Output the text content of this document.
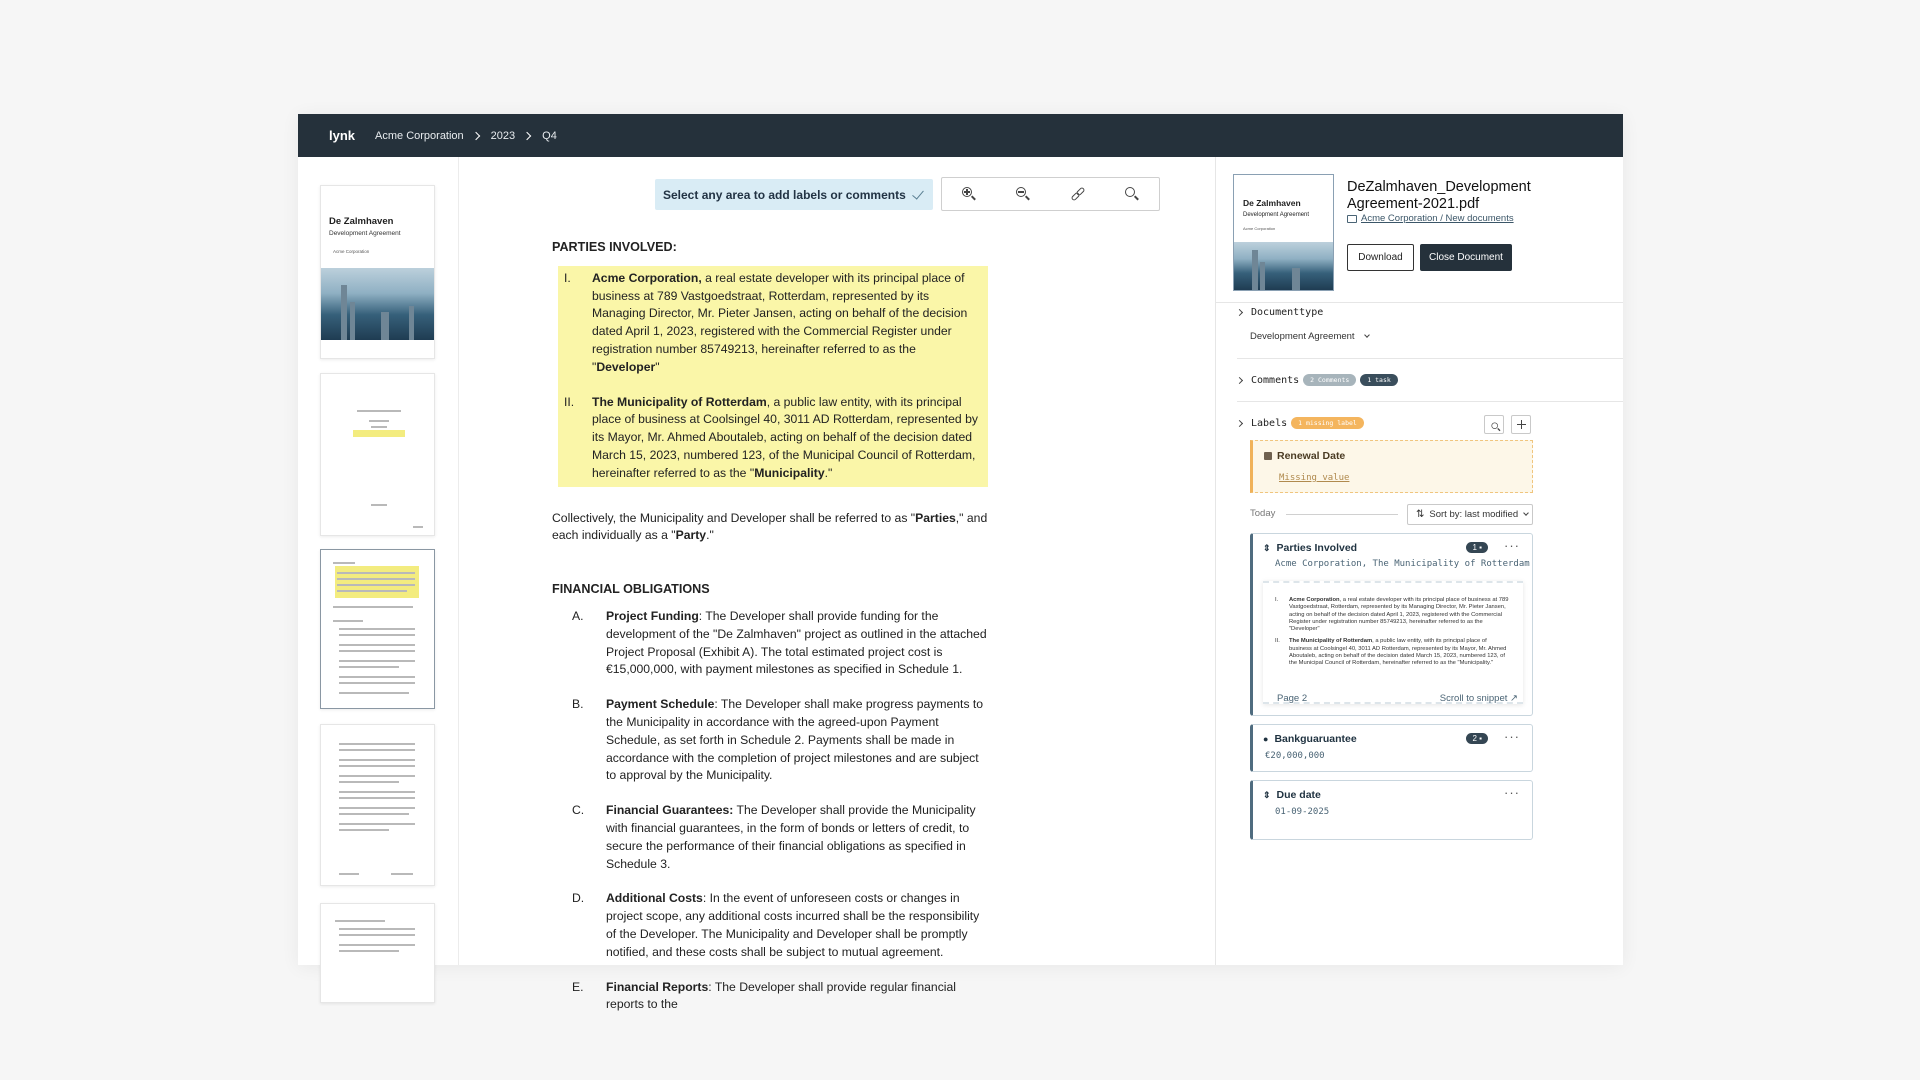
lynk Acme Corporation 2023 Q4
De Zalmhaven
Development Agreement
Acme Corporation
Select any area to add labels or comments
PARTIES INVOLVED:
I.	Acme Corporation, a real estate developer with its principal place of business at 789 Vastgoedstraat, Rotterdam, represented by its Managing Director, Mr. Pieter Jansen, acting on behalf of the decision dated April 1, 2023, registered with the Commercial Register under registration number 85749213, hereinafter referred to as the "Developer"
II.	The Municipality of Rotterdam, a public law entity, with its principal place of business at Coolsingel 40, 3011 AD Rotterdam, represented by its Mayor, Mr. Ahmed Aboutaleb, acting on behalf of the decision dated March 15, 2023, numbered 123, of the Municipal Council of Rotterdam, hereinafter referred to as the "Municipality."
Collectively, the Municipality and Developer shall be referred to as "Parties," and each individually as a "Party."
FINANCIAL OBLIGATIONS
A.	Project Funding: The Developer shall provide funding for the development of the "De Zalmhaven" project as outlined in the attached Project Proposal (Exhibit A). The total estimated project cost is €15,000,000, with payment milestones as specified in Schedule 1.
B.	Payment Schedule: The Developer shall make progress payments to the Municipality in accordance with the agreed-upon Payment Schedule, as set forth in Schedule 2. Payments shall be made in accordance with the completion of project milestones and are subject to approval by the Municipality.
C.	Financial Guarantees: The Developer shall provide the Municipality with financial guarantees, in the form of bonds or letters of credit, to secure the performance of their financial obligations as specified in Schedule 3.
D.	Additional Costs: In the event of unforeseen costs or changes in project scope, any additional costs incurred shall be the responsibility of the Developer. The Municipality and Developer shall be promptly notified, and these costs shall be subject to mutual agreement.
E.	Financial Reports: The Developer shall provide regular financial reports to the
De Zalmhaven
Development Agreement
Acme Corporation
DeZalmhaven_Development Agreement-2021.pdf
Acme Corporation / New documents
Download	Close Document
Documenttype
Development Agreement
Comments	2 Comments	1 task
Labels	1 missing label
Renewal Date
Missing value
Today	⇅ Sort by: last modified
⇕ Parties Involved	1 ▪	···
Acme Corporation, The Municipality of Rotterdam
I.	Acme Corporation, a real estate developer with its principal place of business at 789 Vastgoedstraat, Rotterdam, represented by its Managing Director, Mr. Pieter Jansen, acting on behalf of the decision dated April 1, 2023, registered with the Commercial Register under registration number 85749213, hereinafter referred to as the "Developer"
II.	The Municipality of Rotterdam, a public law entity, with its principal place of business at Coolsingel 40, 3011 AD Rotterdam, represented by its Mayor, Mr. Ahmed Aboutaleb, acting on behalf of the decision dated March 15, 2023, numbered 123, of the Municipal Council of Rotterdam, hereinafter referred to as the "Municipality."
Page 2	Scroll to snippet ↗
● Bankguaruantee	2 ▪	···
€20,000,000
⇕ Due date	···
01-09-2025
